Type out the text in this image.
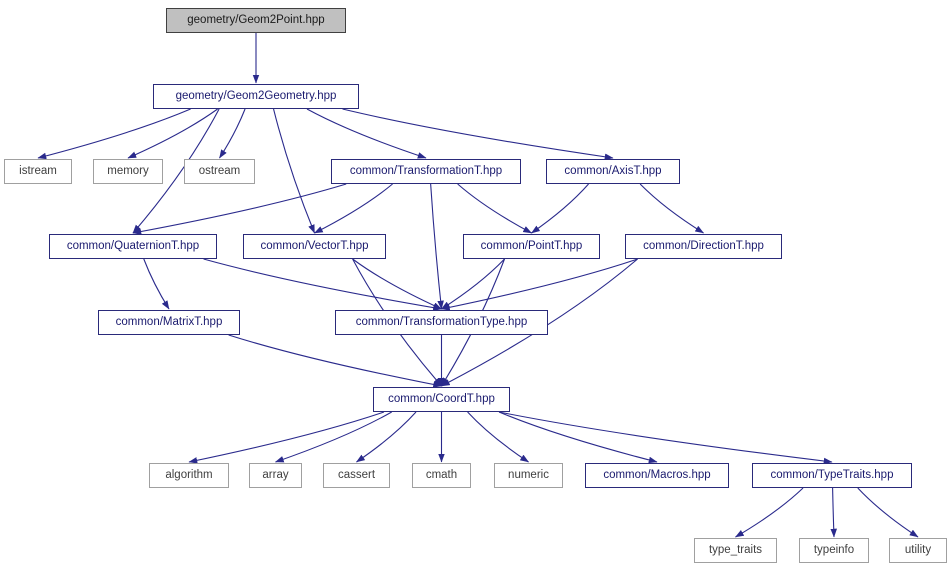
geometry/Geom2Point.hpp
geometry/Geom2Geometry.hpp
istream	memory	ostream	common/TransformationT.hpp	common/AxisT.hpp
common/QuaternionT.hpp	common/VectorT.hpp	common/PointT.hpp	common/DirectionT.hpp
common/MatrixT.hpp	common/TransformationType.hpp
common/CoordT.hpp
algorithm	array	cassert	cmath	numeric	common/Macros.hpp	common/TypeTraits.hpp
type_traits	typeinfo	utility
